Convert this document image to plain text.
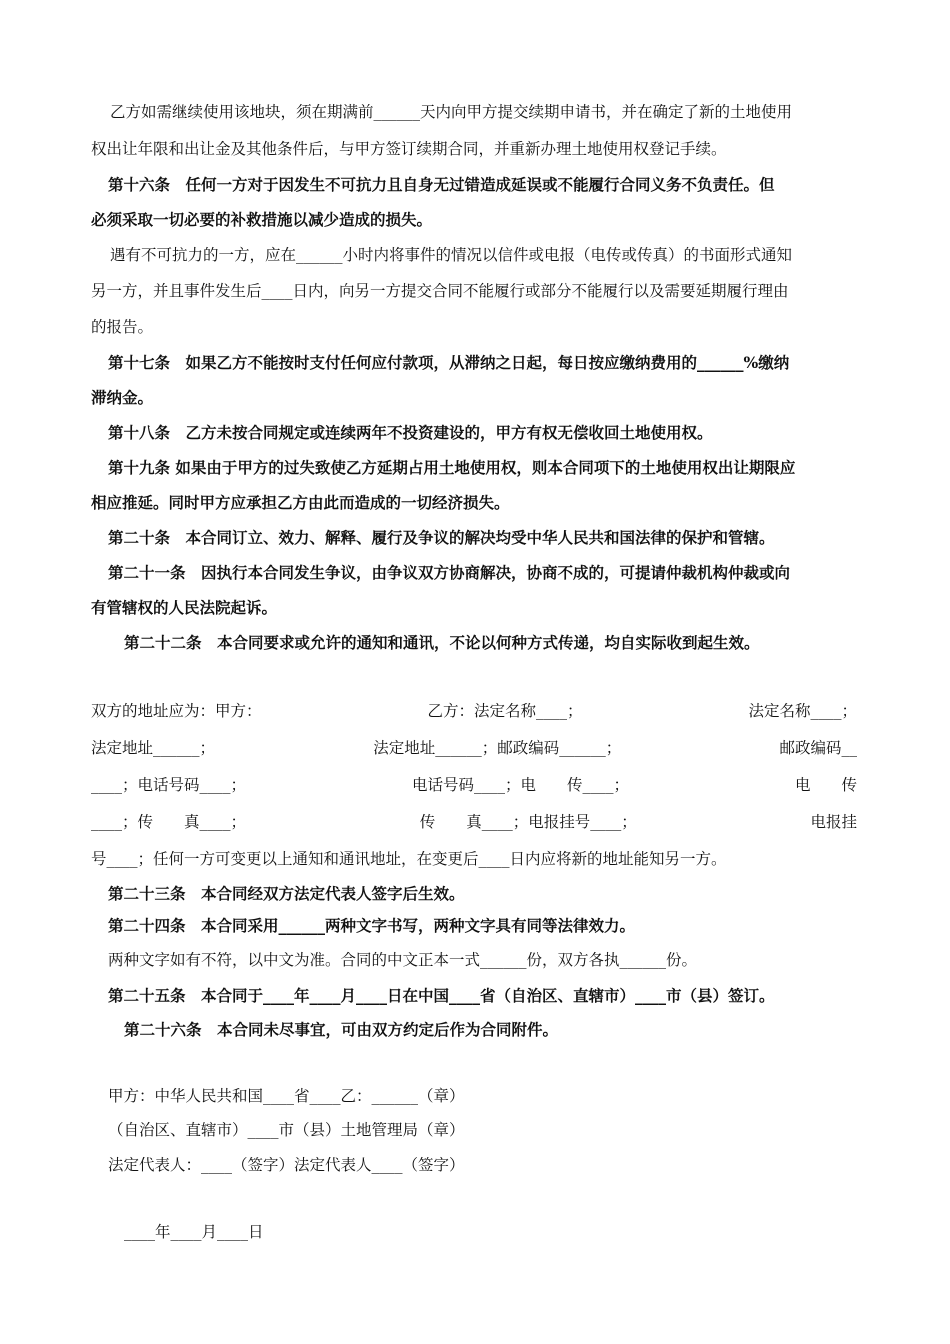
乙方如需继续使用该地块，须在期满前______天内向甲方提交续期申请书，并在确定了新的土地使用
权出让年限和出让金及其他条件后，与甲方签订续期合同，并重新办理土地使用权登记手续。
第十六条　任何一方对于因发生不可抗力且自身无过错造成延误或不能履行合同义务不负责任。但
必须采取一切必要的补救措施以减少造成的损失。
遇有不可抗力的一方，应在______小时内将事件的情况以信件或电报（电传或传真）的书面形式通知
另一方，并且事件发生后____日内，向另一方提交合同不能履行或部分不能履行以及需要延期履行理由
的报告。
第十七条　如果乙方不能按时支付任何应付款项，从滞纳之日起，每日按应缴纳费用的______%缴纳
滞纳金。
第十八条　乙方未按合同规定或连续两年不投资建设的，甲方有权无偿收回土地使用权。
第十九条 如果由于甲方的过失致使乙方延期占用土地使用权，则本合同项下的土地使用权出让期限应
相应推延。同时甲方应承担乙方由此而造成的一切经济损失。
第二十条　本合同订立、效力、解释、履行及争议的解决均受中华人民共和国法律的保护和管辖。
第二十一条　因执行本合同发生争议，由争议双方协商解决，协商不成的，可提请仲裁机构仲裁或向
有管辖权的人民法院起诉。
第二十二条　本合同要求或允许的通知和通讯，不论以何种方式传递，均自实际收到起生效。
双方的地址应为：甲方：	乙方：法定名称____；	法定名称____；
法定地址______；	法定地址______；邮政编码______；	邮政编码__
____；电话号码____；	电话号码____；电　　传____；	电　　传
____；传　　真____；	传　　真____；电报挂号____；	电报挂
号____；任何一方可变更以上通知和通讯地址，在变更后____日内应将新的地址能知另一方。
第二十三条　本合同经双方法定代表人签字后生效。
第二十四条　本合同采用______两种文字书写，两种文字具有同等法律效力。
两种文字如有不符，以中文为准。合同的中文正本一式______份，双方各执______份。
第二十五条　本合同于____年____月____日在中国____省（自治区、直辖市）____市（县）签订。
第二十六条　本合同未尽事宜，可由双方约定后作为合同附件。
甲方：中华人民共和国____省____乙：______（章）
（自治区、直辖市）____市（县）土地管理局（章）
法定代表人：____（签字）法定代表人____（签字）
____年____月____日
